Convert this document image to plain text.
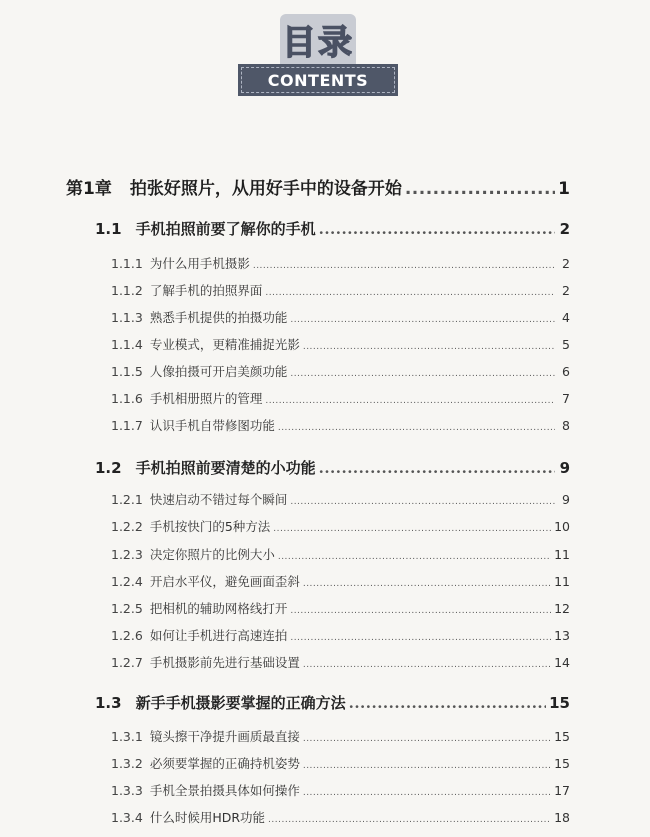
目录
CONTENTS
第1章 拍张好照片，从用好手中的设备开始 .....	1
1.1 手机拍照前要了解你的手机 .....	2
1.1.1 为什么用手机摄影 .....	2
1.1.2 了解手机的拍照界面 .....	2
1.1.3 熟悉手机提供的拍摄功能 .....	4
1.1.4 专业模式，更精准捕捉光影 .....	5
1.1.5 人像拍摄可开启美颜功能 .....	6
1.1.6 手机相册照片的管理 .....	7
1.1.7 认识手机自带修图功能 .....	8
1.2 手机拍照前要清楚的小功能 .....	9
1.2.1 快速启动不错过每个瞬间 .....	9
1.2.2 手机按快门的5种方法 .....	10
1.2.3 决定你照片的比例大小 .....	11
1.2.4 开启水平仪，避免画面歪斜 .....	11
1.2.5 把相机的辅助网格线打开 .....	12
1.2.6 如何让手机进行高速连拍 .....	13
1.2.7 手机摄影前先进行基础设置 .....	14
1.3 新手手机摄影要掌握的正确方法 .....	15
1.3.1 镜头擦干净提升画质最直接 .....	15
1.3.2 必须要掌握的正确持机姿势 .....	15
1.3.3 手机全景拍摄具体如何操作 .....	17
1.3.4 什么时候用HDR功能 .....	18
